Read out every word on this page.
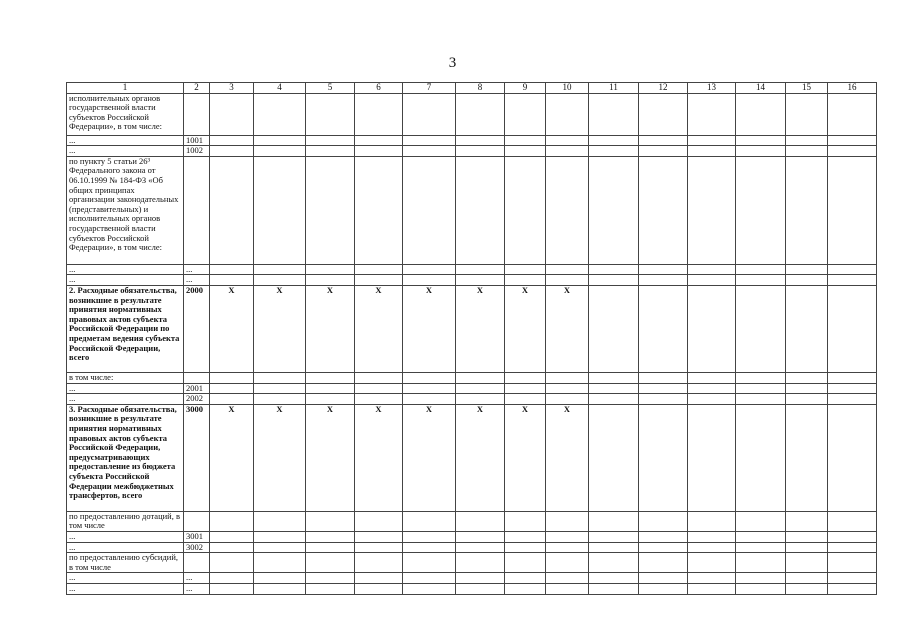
3
1	2	3	4	5	6	7	8	9	10	11	12	13	14	15	16
исполнительных органов государственной власти субъектов Российской Федерации», в том числе:															
...	1001														
...	1002														
по пункту 5 статьи 26³ Федерального закона от 06.10.1999 № 184-ФЗ «Об общих принципах организации законодательных (представительных) и исполнительных органов государственной власти субъектов Российской Федерации», в том числе:															
...	...														
...	...														
2. Расходные обязательства, возникшие в результате принятия нормативных правовых актов субъекта Российской Федерации по предметам ведения субъекта Российской Федерации, всего	2000	Х	Х	Х	Х	Х	Х	Х	Х						
в том числе:															
...	2001														
...	2002														
3. Расходные обязательства, возникшие в результате принятия нормативных правовых актов субъекта Российской Федерации, предусматривающих предоставление из бюджета субъекта Российской Федерации межбюджетных трансфертов, всего	3000	Х	Х	Х	Х	Х	Х	Х	Х						
по предоставлению дотаций, в том числе															
...	3001														
...	3002														
по предоставлению субсидий, в том числе															
...	...														
...	...														
